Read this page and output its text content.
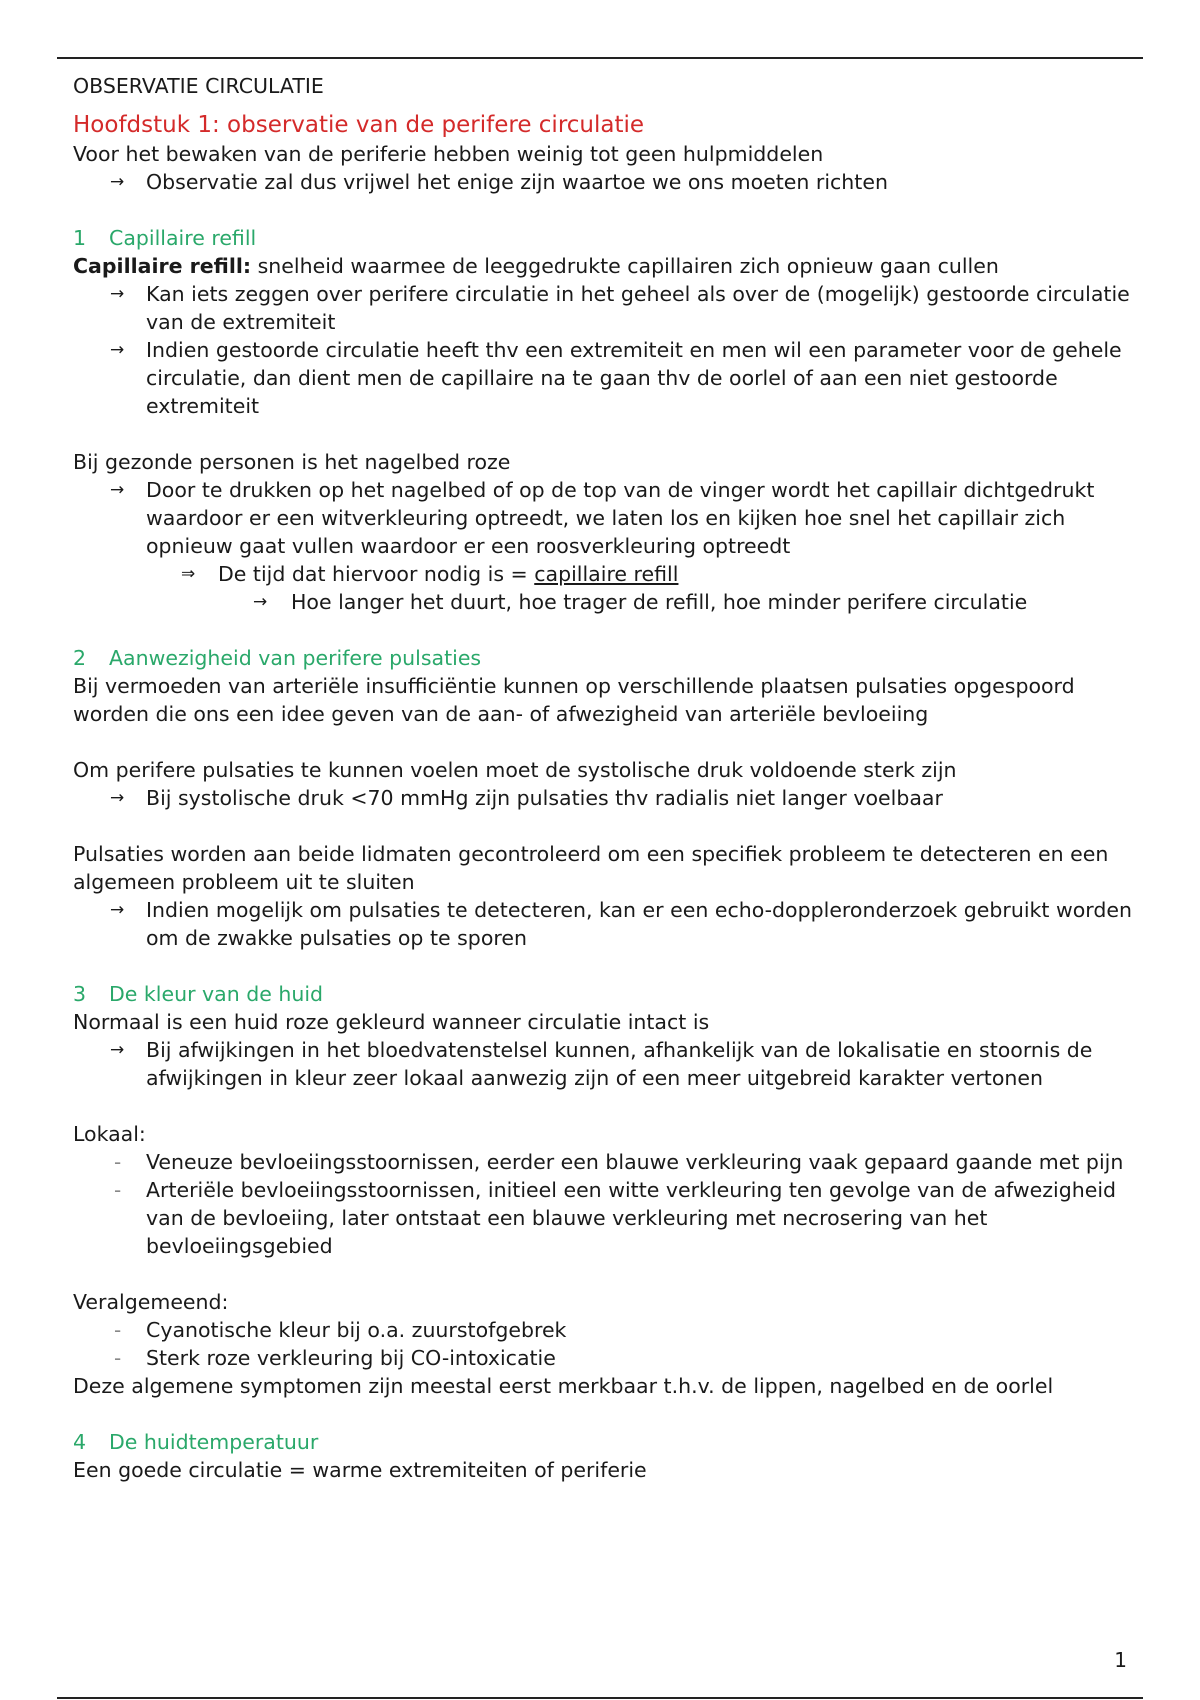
OBSERVATIE CIRCULATIE

Hoofdstuk 1: observatie van de perifere circulatie

Voor het bewaken van de periferie hebben weinig tot geen hulpmiddelen

→ Observatie zal dus vrijwel het enige zijn waartoe we ons moeten richten
1 Capillaire refill

Capillaire refill: snelheid waarmee de leeggedrukte capillairen zich opnieuw gaan cullen

→ Kan iets zeggen over perifere circulatie in het geheel als over de (mogelijk) gestoorde circulatie van de extremiteit
→ Indien gestoorde circulatie heeft thv een extremiteit en men wil een parameter voor de gehele circulatie, dan dient men de capillaire na te gaan thv de oorlel of aan een niet gestoorde extremiteit

Bij gezonde personen is het nagelbed roze

→ Door te drukken op het nagelbed of op de top van de vinger wordt het capillair dichtgedrukt waardoor er een witverkleuring optreedt, we laten los en kijken hoe snel het capillair zich opnieuw gaat vullen waardoor er een roosverkleuring optreedt
⇒ De tijd dat hiervoor nodig is = capillaire refill
→ Hoe langer het duurt, hoe trager de refill, hoe minder perifere circulatie
2 Aanwezigheid van perifere pulsaties

Bij vermoeden van arteriële insufficiëntie kunnen op verschillende plaatsen pulsaties opgespoord worden die ons een idee geven van de aan- of afwezigheid van arteriële bevloeiing

Om perifere pulsaties te kunnen voelen moet de systolische druk voldoende sterk zijn

→ Bij systolische druk <70 mmHg zijn pulsaties thv radialis niet langer voelbaar

Pulsaties worden aan beide lidmaten gecontroleerd om een specifiek probleem te detecteren en een algemeen probleem uit te sluiten

→ Indien mogelijk om pulsaties te detecteren, kan er een echo-doppleronderzoek gebruikt worden om de zwakke pulsaties op te sporen
3 De kleur van de huid

Normaal is een huid roze gekleurd wanneer circulatie intact is

→ Bij afwijkingen in het bloedvatenstelsel kunnen, afhankelijk van de lokalisatie en stoornis de afwijkingen in kleur zeer lokaal aanwezig zijn of een meer uitgebreid karakter vertonen

Lokaal:

- Veneuze bevloeiingsstoornissen, eerder een blauwe verkleuring vaak gepaard gaande met pijn
- Arteriële bevloeiingsstoornissen, initieel een witte verkleuring ten gevolge van de afwezigheid van de bevloeiing, later ontstaat een blauwe verkleuring met necrosering van het bevloeiingsgebied

Veralgemeend:

- Cyanotische kleur bij o.a. zuurstofgebrek
- Sterk roze verkleuring bij CO-intoxicatie

Deze algemene symptomen zijn meestal eerst merkbaar t.h.v. de lippen, nagelbed en de oorlel

4 De huidtemperatuur

Een goede circulatie = warme extremiteiten of periferie

1
